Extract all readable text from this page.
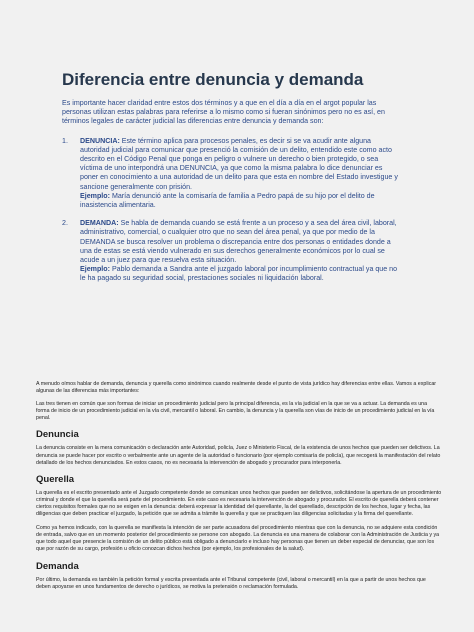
Diferencia entre denuncia y demanda

Es importante hacer claridad entre estos dos términos y a que en el día a día en el argot popular las personas utilizan estas palabras para referirse a lo mismo como si fueran sinónimos pero no es así, en términos legales de carácter judicial las diferencias entre denuncia y demanda son:

1. DENUNCIA: Este término aplica para procesos penales, es decir si se va acudir ante alguna autoridad judicial para comunicar que presenció la comisión de un delito, entendido este como acto descrito en el Código Penal que ponga en peligro o vulnere un derecho o bien protegido, o sea víctima de uno interpondrá una DENUNCIA, ya que como la misma palabra lo dice denunciar es poner en conocimiento a una autoridad de un delito para que esta en nombre del Estado investigue y sancione generalmente con prisión.
Ejemplo: María denunció ante la comisaría de familia a Pedro papá de su hijo por el delito de inasistencia alimentaria.
2. DEMANDA: Se habla de demanda cuando se está frente a un proceso y a sea del área civil, laboral, administrativo, comercial, o cualquier otro que no sean del área penal, ya que por medio de la DEMANDA se busca resolver un problema o discrepancia entre dos personas o entidades donde a una de estas se está viendo vulnerado en sus derechos generalmente económicos por lo cual se acude a un juez para que resuelva esta situación.
Ejemplo: Pablo demanda a Sandra ante el juzgado laboral por incumplimiento contractual ya que no le ha pagado su seguridad social, prestaciones sociales ni liquidación laboral.

A menudo oímos hablar de demanda, denuncia y querella como sinónimos cuando realmente desde el punto de vista jurídico hay diferencias entre ellas. Vamos a explicar algunas de las diferencias más importantes:

Las tres tienen en común que son formas de iniciar un procedimiento judicial pero la principal diferencia, es la vía judicial en la que se va a actuar. La demanda es una forma de inicio de un procedimiento judicial en la vía civil, mercantil o laboral. En cambio, la denuncia y la querella son vías de inicio de un procedimiento judicial en la vía penal.

Denuncia

La denuncia consiste en la mera comunicación o declaración ante Autoridad, policía, Juez o Ministerio Fiscal, de la existencia de unos hechos que pueden ser delictivos. La denuncia se puede hacer por escrito o verbalmente ante un agente de la autoridad o funcionario (por ejemplo comisaría de policía), que recogerá la manifestación del relato detallado de los hechos denunciados. En estos casos, no es necesaria la intervención de abogado y procurador para interponerla.

Querella

La querella es el escrito presentado ante el Juzgado competente donde se comunican unos hechos que pueden ser delictivos, solicitándose la apertura de un procedimiento criminal y donde el que la querella será parte del procedimiento. En este caso es necesaria la intervención de abogado y procurador. El escrito de querella deberá contener ciertos requisitos formales que no se exigen en la denuncia: deberá expresar la identidad del querellante, la del querellado, descripción de los hechos, lugar y fecha, las diligencias que deben practicar el juzgado, la petición que se admita a trámite la querella y que se practiquen las diligencias solicitadas y la firma del querellante.

Como ya hemos indicado, con la querella se manifiesta la intención de ser parte acusadora del procedimiento mientras que con la denuncia, no se adquiere esta condición de entrada, salvo que en un momento posterior del procedimiento se persone con abogado. La denuncia es una manera de colaborar con la Administración de Justicia y ya que todo aquel que presencie la comisión de un delito público está obligado a denunciarlo e incluso hay personas que tienen un deber especial de denunciar, que son los que por razón de su cargo, profesión u oficio conozcan dichos hechos (por ejemplo, los profesionales de la salud).

Demanda

Por último, la demanda es también la petición formal y escrita presentada ante el Tribunal competente (civil, laboral o mercantil) en la que a partir de unos hechos que deben apoyarse en unos fundamentos de derecho o jurídicos, se motiva la pretensión o reclamación formulada.
